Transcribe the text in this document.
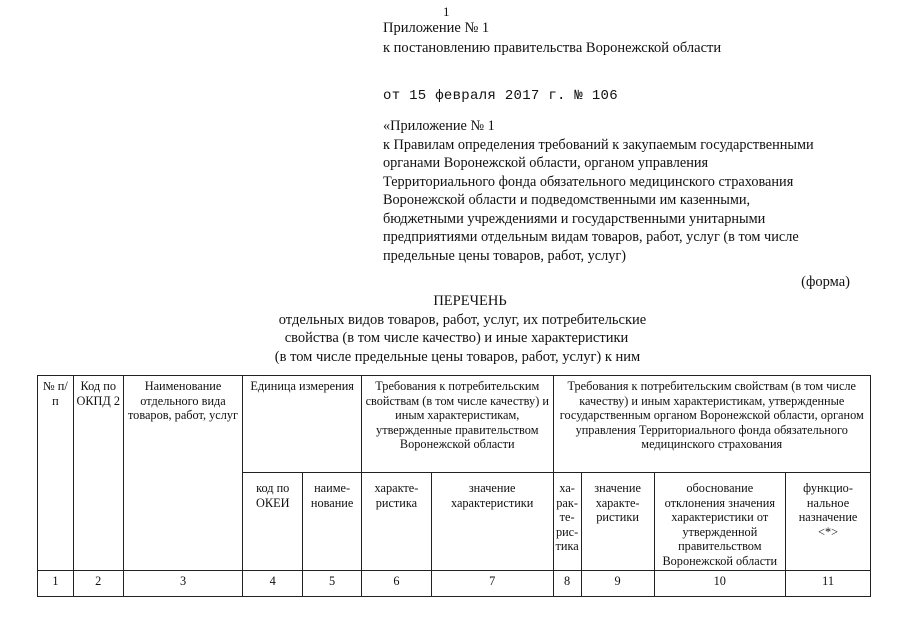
1
Приложение № 1
к постановлению правительства Воронежской области
от 15 февраля 2017 г. № 106
«Приложение № 1
к Правилам определения требований к закупаемым государственными
органами Воронежской области, органом управления
Территориального фонда обязательного медицинского страхования
Воронежской области и подведомственными им казенными,
бюджетными учреждениями и государственными унитарными
предприятиями отдельным видам товаров, работ, услуг (в том числе
предельные цены товаров, работ, услуг)
(форма)
ПЕРЕЧЕНЬ
отдельных видов товаров, работ, услуг, их потребительские
свойства (в том числе качество) и иные характеристики
(в том числе предельные цены товаров, работ, услуг) к ним
№ п/п	Код по ОКПД 2	Наименование отдельного вида товаров, работ, услуг	Единица измерения		Требования к потребительским свойствам (в том числе качеству) и иным характеристикам, утвержденные правительством Воронежской области		Требования к потребительским свойствам (в том числе качеству) и иным характеристикам, утвержденные государственным органом Воронежской области, органом управления Территориального фонда обязательного медицинского страхования			
			код по ОКЕИ	наиме-нование	характе-ристика	значение характеристики	ха-рак-те-рис-тика	значение характе-ристики	обоснование отклонения значения характеристики от утвержденной правительством Воронежской области	функцио-нальное назначение <*>
1	2	3	4	5	6	7	8	9	10	11
